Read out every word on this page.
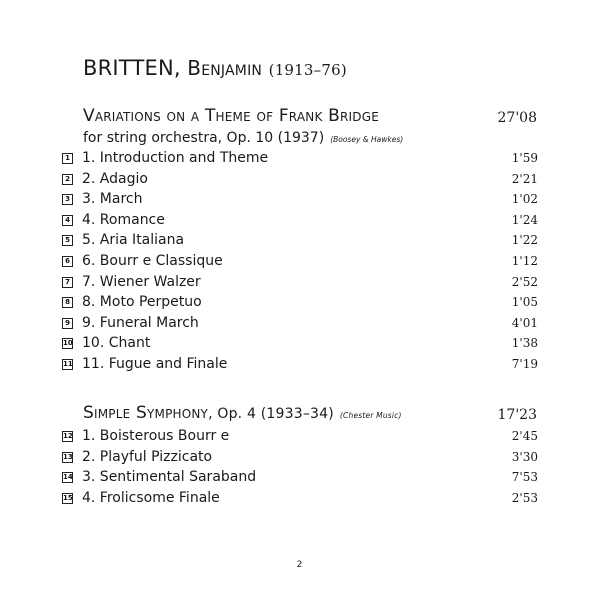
BRITTEN, Benjamin (1913–76)
Variations on a Theme of Frank Bridge	27'08
for string orchestra, Op. 10 (1937) (Boosey & Hawkes)
1 1. Introduction and Theme	1'59
2 2. Adagio	2'21
3 3. March	1'02
4 4. Romance	1'24
5 5. Aria Italiana	1'22
6 6. Bourr e Classique	1'12
7 7. Wiener Walzer	2'52
8 8. Moto Perpetuo	1'05
9 9. Funeral March	4'01
10 10. Chant	1'38
11 11. Fugue and Finale	7'19
Simple Symphony, Op. 4 (1933–34) (Chester Music)	17'23
12 1. Boisterous Bourr e	2'45
13 2. Playful Pizzicato	3'30
14 3. Sentimental Saraband	7'53
15 4. Frolicsome Finale	2'53
2
